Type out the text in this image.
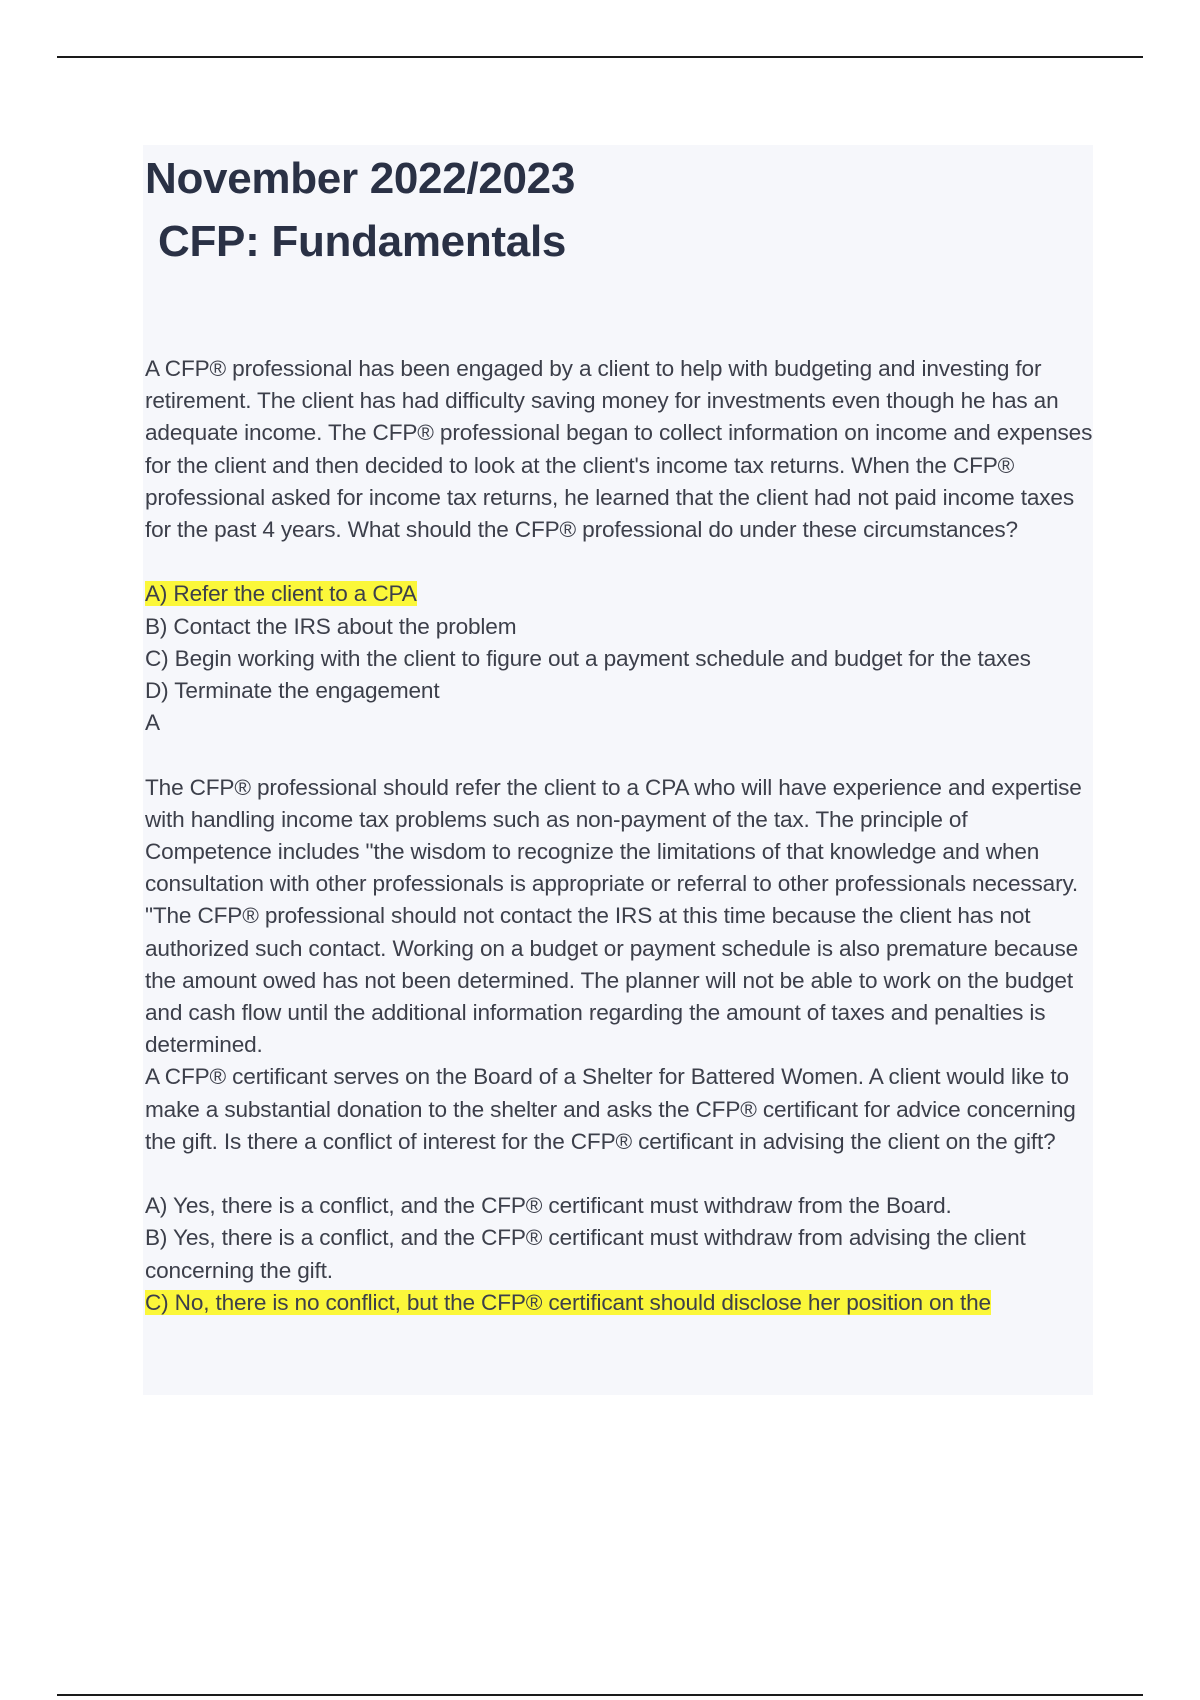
November 2022/2023
CFP: Fundamentals

A CFP® professional has been engaged by a client to help with budgeting and investing for retirement. The client has had difficulty saving money for investments even though he has an adequate income. The CFP® professional began to collect information on income and expenses for the client and then decided to look at the client's income tax returns. When the CFP® professional asked for income tax returns, he learned that the client had not paid income taxes for the past 4 years. What should the CFP® professional do under these circumstances?

A) Refer the client to a CPA
B) Contact the IRS about the problem
C) Begin working with the client to figure out a payment schedule and budget for the taxes
D) Terminate the engagement
A

The CFP® professional should refer the client to a CPA who will have experience and expertise with handling income tax problems such as non-payment of the tax. The principle of Competence includes "the wisdom to recognize the limitations of that knowledge and when consultation with other professionals is appropriate or referral to other professionals necessary. "The CFP® professional should not contact the IRS at this time because the client has not authorized such contact. Working on a budget or payment schedule is also premature because the amount owed has not been determined. The planner will not be able to work on the budget and cash flow until the additional information regarding the amount of taxes and penalties is determined.

A CFP® certificant serves on the Board of a Shelter for Battered Women. A client would like to make a substantial donation to the shelter and asks the CFP® certificant for advice concerning the gift. Is there a conflict of interest for the CFP® certificant in advising the client on the gift?

A) Yes, there is a conflict, and the CFP® certificant must withdraw from the Board.
B) Yes, there is a conflict, and the CFP® certificant must withdraw from advising the client concerning the gift.
C) No, there is no conflict, but the CFP® certificant should disclose her position on the
